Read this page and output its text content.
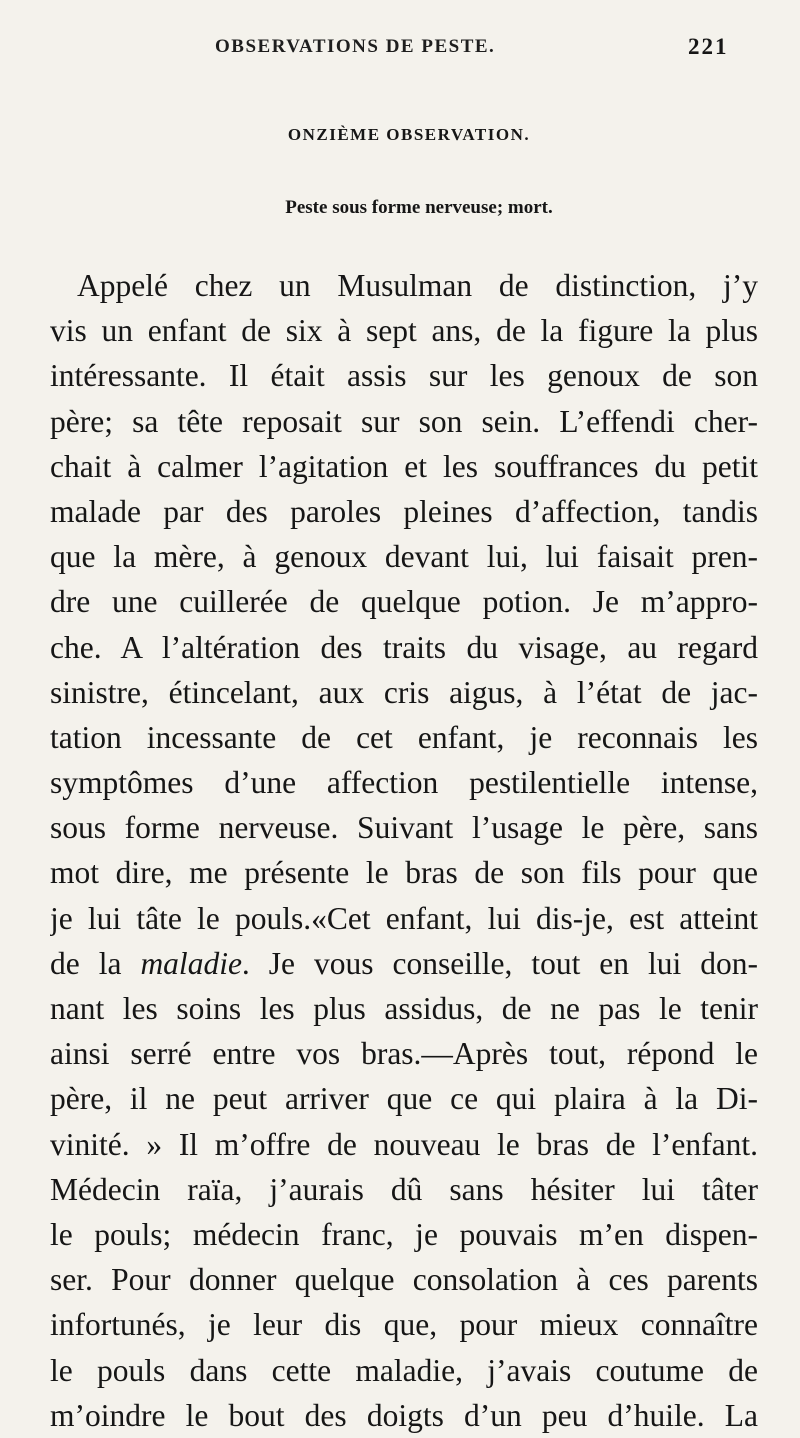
OBSERVATIONS DE PESTE.	221
ONZIÈME OBSERVATION.
Peste sous forme nerveuse; mort.

Appelé chez un Musulman de distinction, j’y
vis un enfant de six à sept ans, de la figure la plus
intéressante. Il était assis sur les genoux de son
père; sa tête reposait sur son sein. L’effendi cher-
chait à calmer l’agitation et les souffrances du petit
malade par des paroles pleines d’affection, tandis
que la mère, à genoux devant lui, lui faisait pren-
dre une cuillerée de quelque potion. Je m’appro-
che. A l’altération des traits du visage, au regard
sinistre, étincelant, aux cris aigus, à l’état de jac-
tation incessante de cet enfant, je reconnais les
symptômes d’une affection pestilentielle intense,
sous forme nerveuse. Suivant l’usage le père, sans
mot dire, me présente le bras de son fils pour que
je lui tâte le pouls.«Cet enfant, lui dis-je, est atteint
de la maladie. Je vous conseille, tout en lui don-
nant les soins les plus assidus, de ne pas le tenir
ainsi serré entre vos bras.—Après tout, répond le
père, il ne peut arriver que ce qui plaira à la Di-
vinité. » Il m’offre de nouveau le bras de l’enfant.
Médecin raïa, j’aurais dû sans hésiter lui tâter
le pouls; médecin franc, je pouvais m’en dispen-
ser. Pour donner quelque consolation à ces parents
infortunés, je leur dis que, pour mieux connaître
le pouls dans cette maladie, j’avais coutume de
m’oindre le bout des doigts d’un peu d’huile. La
